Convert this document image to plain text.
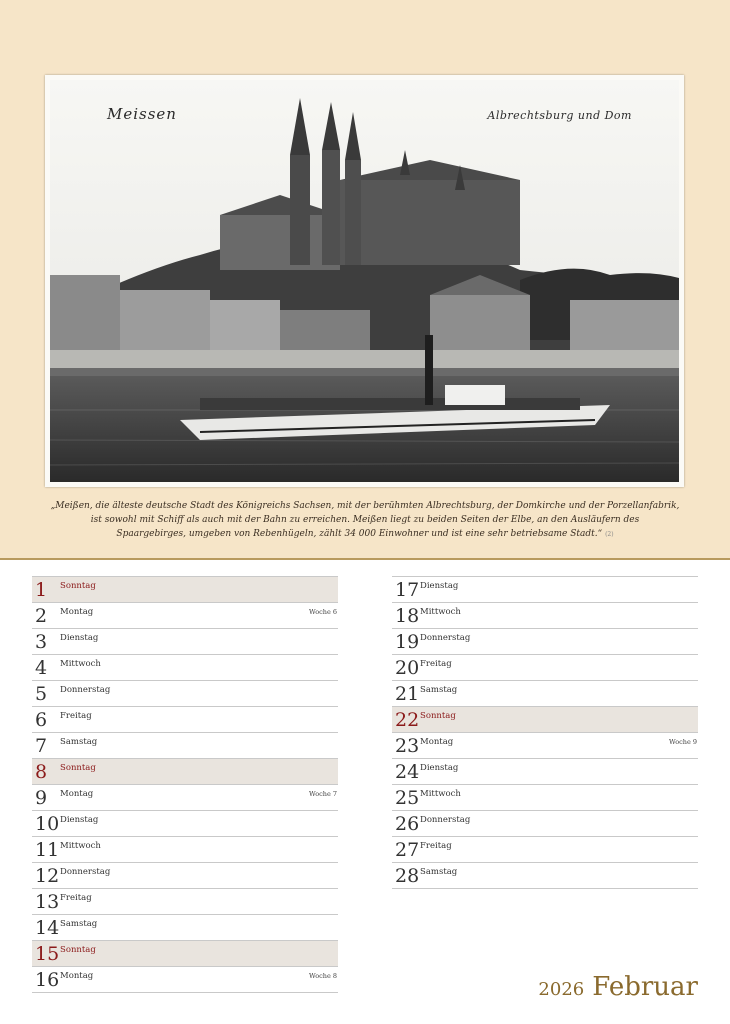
Meissen	Albrechtsburg und Dom
„Meißen, die älteste deutsche Stadt des Königreichs Sachsen, mit der berühmten Albrechtsburg, der Domkirche und der Porzellanfabrik,
ist sowohl mit Schiff als auch mit der Bahn zu erreichen. Meißen liegt zu beiden Seiten der Elbe, an den Ausläufern des
Spaargebirges, umgeben von Rebenhügeln, zählt 34 000 Einwohner und ist eine sehr betriebsame Stadt.“ (2)
1 Sonntag
2 Montag	Woche 6
3 Dienstag
4 Mittwoch
5 Donnerstag
6 Freitag
7 Samstag
8 Sonntag
9 Montag	Woche 7
10 Dienstag
11 Mittwoch
12 Donnerstag
13 Freitag
14 Samstag
15 Sonntag
16 Montag	Woche 8
17 Dienstag
18 Mittwoch
19 Donnerstag
20 Freitag
21 Samstag
22 Sonntag
23 Montag	Woche 9
24 Dienstag
25 Mittwoch
26 Donnerstag
27 Freitag
28 Samstag
2026 Februar
